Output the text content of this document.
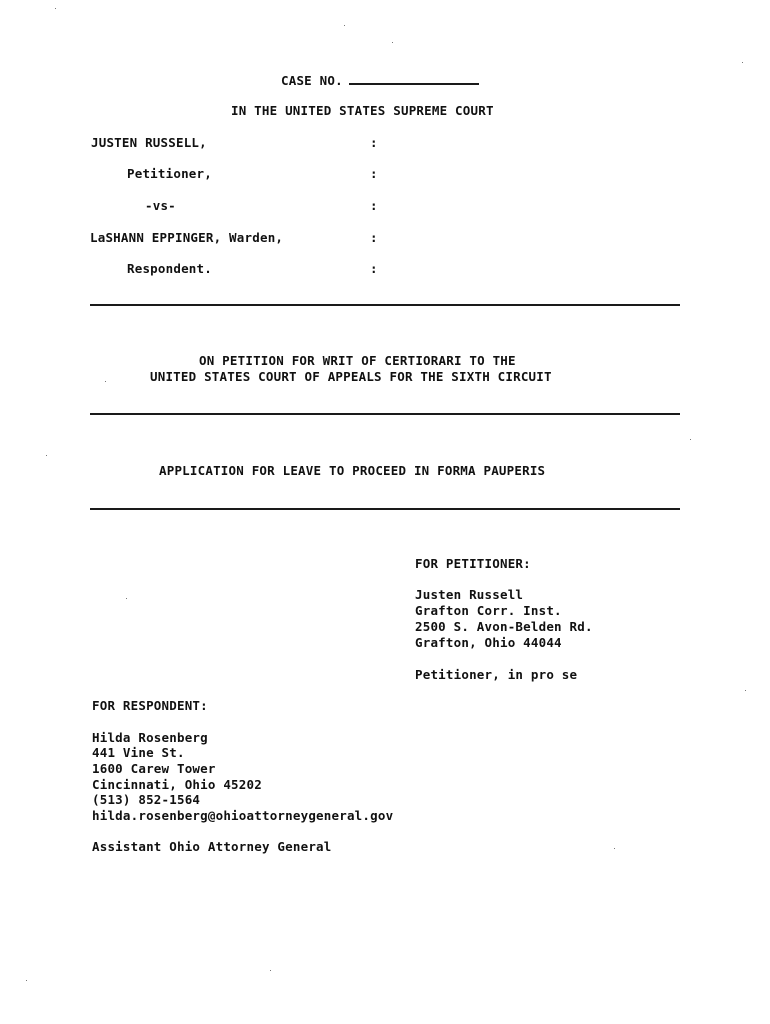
CASE NO.
IN THE UNITED STATES SUPREME COURT
JUSTEN RUSSELL,	:
Petitioner,	:
-vs-	:
LaSHANN EPPINGER, Warden,	:
Respondent.	:
ON PETITION FOR WRIT OF CERTIORARI TO THE
UNITED STATES COURT OF APPEALS FOR THE SIXTH CIRCUIT
APPLICATION FOR LEAVE TO PROCEED IN FORMA PAUPERIS
FOR PETITIONER:
Justen Russell
Grafton Corr. Inst.
2500 S. Avon-Belden Rd.
Grafton, Ohio 44044
Petitioner, in pro se
FOR RESPONDENT:
Hilda Rosenberg
441 Vine St.
1600 Carew Tower
Cincinnati, Ohio 45202
(513) 852-1564
hilda.rosenberg@ohioattorneygeneral.gov
Assistant Ohio Attorney General
